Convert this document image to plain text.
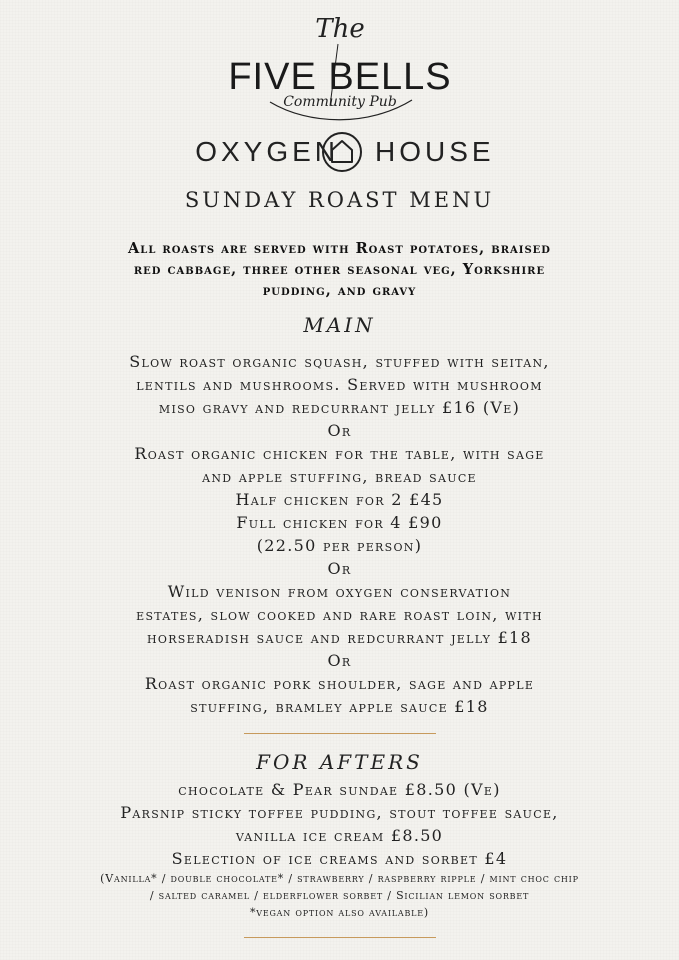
The
FIVE BELLS
Community Pub
OXYGEN HOUSE
SUNDAY ROAST MENU
All roasts are served with Roast potatoes, braised
red cabbage, three other seasonal veg, Yorkshire
pudding, and gravy
MAIN
Slow roast organic squash, stuffed with seitan,
lentils and mushrooms. Served with mushroom
miso gravy and redcurrant jelly £16 (Ve)
Or
Roast organic chicken for the table, with sage
and apple stuffing, bread sauce
Half chicken for 2 £45
Full chicken for 4 £90
(22.50 per person)
Or
Wild venison from oxygen conservation
estates, slow cooked and rare roast loin, with
horseradish sauce and redcurrant jelly £18
Or
Roast organic pork shoulder, sage and apple
stuffing, bramley apple sauce £18
FOR AFTERS
chocolate & Pear sundae £8.50 (Ve)
Parsnip sticky toffee pudding, stout toffee sauce,
vanilla ice cream £8.50
Selection of ice creams and sorbet £4
(Vanilla* / double chocolate* / strawberry / raspberry ripple / mint choc chip
/ salted caramel / elderflower sorbet / Sicilian lemon sorbet
*vegan option also available)
